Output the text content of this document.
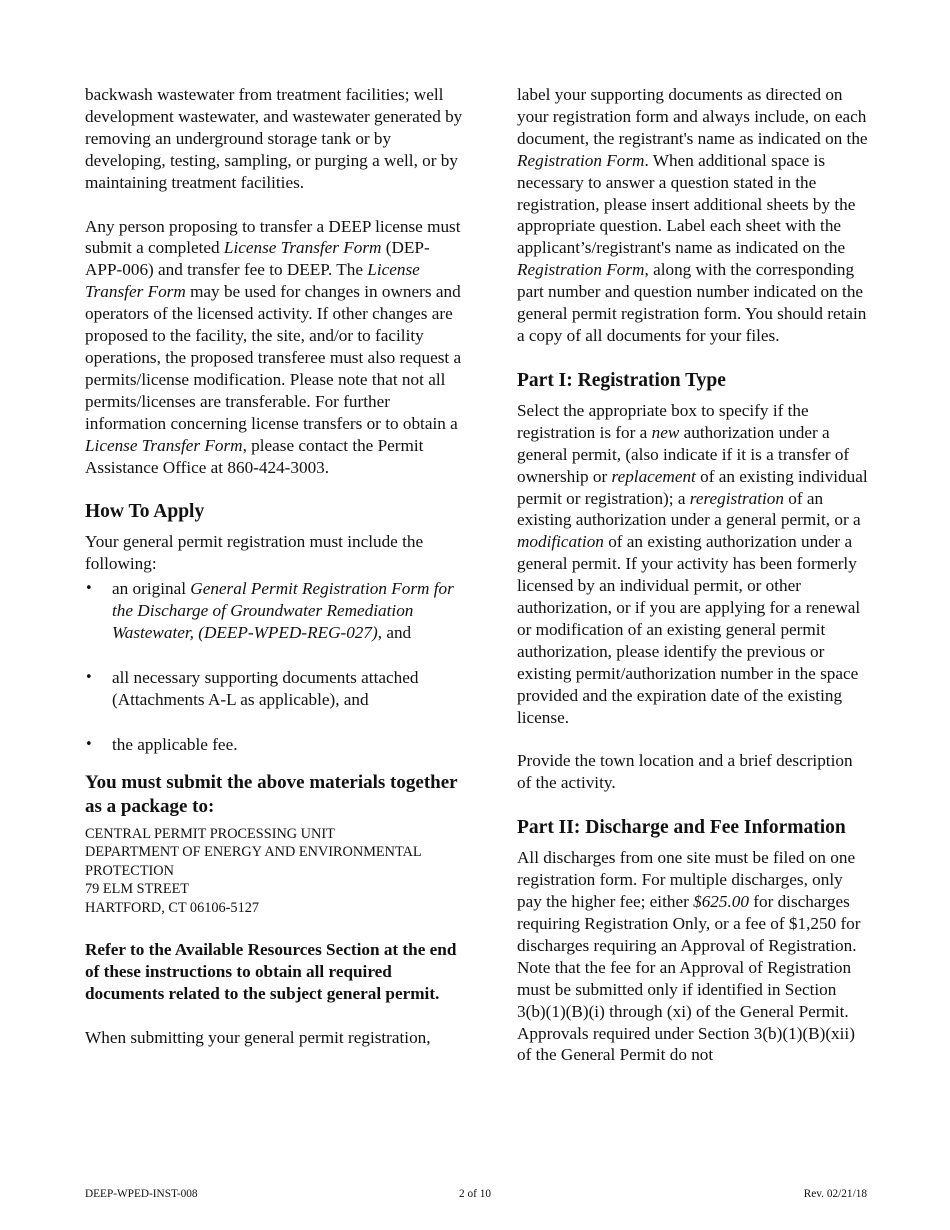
backwash wastewater from treatment facilities; well development wastewater, and wastewater generated by removing an underground storage tank or by developing, testing, sampling, or purging a well, or by maintaining treatment facilities.

Any person proposing to transfer a DEEP license must submit a completed License Transfer Form (DEP-APP-006) and transfer fee to DEEP. The License Transfer Form may be used for changes in owners and operators of the licensed activity. If other changes are proposed to the facility, the site, and/or to facility operations, the proposed transferee must also request a permits/license modification. Please note that not all permits/licenses are transferable. For further information concerning license transfers or to obtain a License Transfer Form, please contact the Permit Assistance Office at 860-424-3003.

How To Apply

Your general permit registration must include the following:

• an original General Permit Registration Form for the Discharge of Groundwater Remediation Wastewater, (DEEP-WPED-REG-027), and
• all necessary supporting documents attached (Attachments A-L as applicable), and
• the applicable fee.
You must submit the above materials together as a package to:
CENTRAL PERMIT PROCESSING UNIT
DEPARTMENT OF ENERGY AND ENVIRONMENTAL PROTECTION
79 ELM STREET
HARTFORD, CT 06106-5127

Refer to the Available Resources Section at the end of these instructions to obtain all required documents related to the subject general permit.

When submitting your general permit registration,

label your supporting documents as directed on your registration form and always include, on each document, the registrant's name as indicated on the Registration Form. When additional space is necessary to answer a question stated in the registration, please insert additional sheets by the appropriate question. Label each sheet with the applicant’s/registrant's name as indicated on the Registration Form, along with the corresponding part number and question number indicated on the general permit registration form. You should retain a copy of all documents for your files.

Part I: Registration Type

Select the appropriate box to specify if the registration is for a new authorization under a general permit, (also indicate if it is a transfer of ownership or replacement of an existing individual permit or registration); a reregistration of an existing authorization under a general permit, or a modification of an existing authorization under a general permit. If your activity has been formerly licensed by an individual permit, or other authorization, or if you are applying for a renewal or modification of an existing general permit authorization, please identify the previous or existing permit/authorization number in the space provided and the expiration date of the existing license.

Provide the town location and a brief description of the activity.

Part II: Discharge and Fee Information

All discharges from one site must be filed on one registration form. For multiple discharges, only pay the higher fee; either $625.00 for discharges requiring Registration Only, or a fee of $1,250 for discharges requiring an Approval of Registration. Note that the fee for an Approval of Registration must be submitted only if identified in Section 3(b)(1)(B)(i) through (xi) of the General Permit. Approvals required under Section 3(b)(1)(B)(xii) of the General Permit do not

DEEP-WPED-INST-008	2 of 10	Rev. 02/21/18
